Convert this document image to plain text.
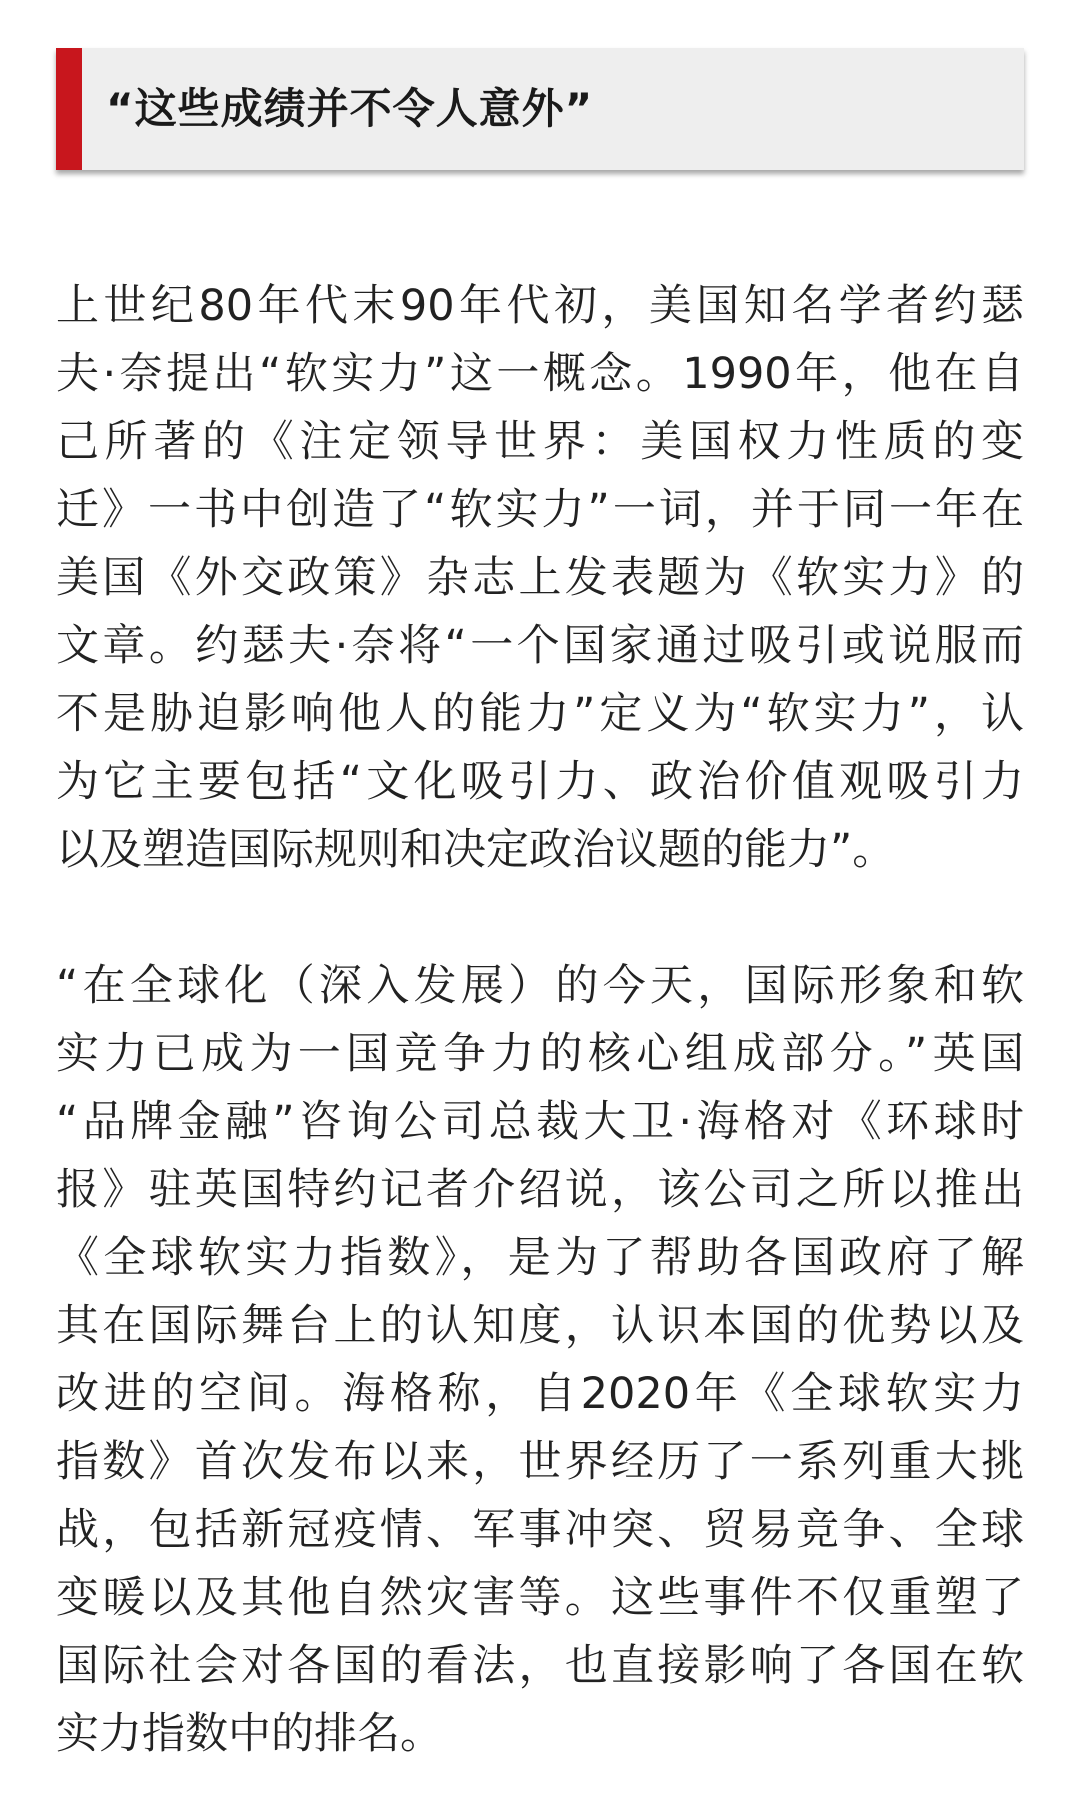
“这些成绩并不令人意外”
上世纪80年代末90年代初，美国知名学者约瑟
夫·奈提出“软实力”这一概念。1990年，他在自
己所著的《注定领导世界：美国权力性质的变
迁》一书中创造了“软实力”一词，并于同一年在
美国《外交政策》杂志上发表题为《软实力》的
文章。约瑟夫·奈将“一个国家通过吸引或说服而
不是胁迫影响他人的能力”定义为“软实力”，认
为它主要包括“文化吸引力、政治价值观吸引力
以及塑造国际规则和决定政治议题的能力”。
“在全球化（深入发展）的今天，国际形象和软
实力已成为一国竞争力的核心组成部分。”英国
“品牌金融”咨询公司总裁大卫·海格对《环球时
报》驻英国特约记者介绍说，该公司之所以推出
《全球软实力指数》，是为了帮助各国政府了解
其在国际舞台上的认知度，认识本国的优势以及
改进的空间。海格称，自2020年《全球软实力
指数》首次发布以来，世界经历了一系列重大挑
战，包括新冠疫情、军事冲突、贸易竞争、全球
变暖以及其他自然灾害等。这些事件不仅重塑了
国际社会对各国的看法，也直接影响了各国在软
实力指数中的排名。
